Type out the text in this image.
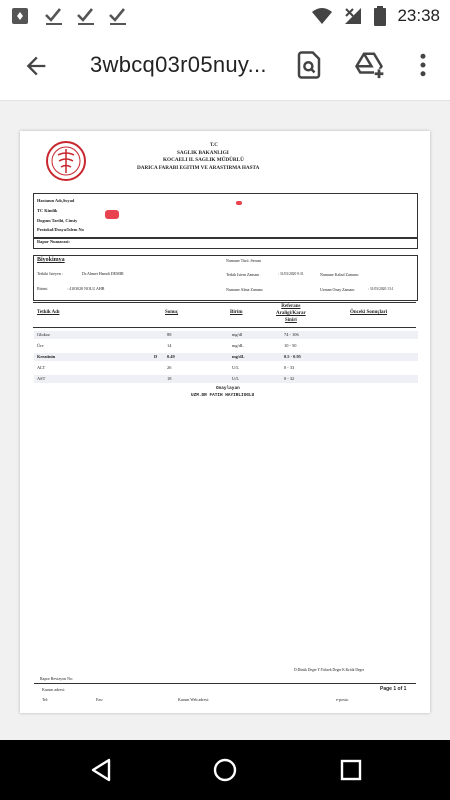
23:38
3wbcq03r05nuy...
T.C
SAGLIK BAKANLIGI
KOCAELI IL SAGLIK MÜDÜRLÜ
DARICA FARABI EGITIM VE ARASTIRMA HASTA
Hastanın Adı,Soyad
TC Kimlik
Dogum Tarihi, Cinsiy
Protokol/Dosya/Islem No
Rapor Numarasi:
Biyokimya	Numune Türü :Serum
Tetkiki Isteyen :	Dr.Ahmet Hamdi DEMIR	Tetkik Istem Zamanı	: 31/03/2020 9:31	Numune Kabul Zamanı:
Birimi	: 4103020 NOLU AHB	Numune Alma Zamanı	Uzman Onay Zamanı	: 31/03/2020 13:1
Tetkik Adı	Sonuç	Birim
Referans
Araligi/Karar
Siniri
Önceki Sonuçlari
Glukoz	88	mg/dl	74 - 106
Üre	14	mg/dL	10 - 50
Kreatinin	D 0.49	mg/dL	0.5 - 0.95
ALT	26	U/L	0 - 33
AST	18	U/L	0 - 32
Onaylayan
UZM.DR FATIH HAYIRLIOGLU
D:Düsük Deger Y:Yüksek Deger K:Kritik Deger
Rapor Revizyon No:
Kurum adresi:	Page 1 of 1
Tel:	Fax:	Kurum Web adresi:	e-posta:
